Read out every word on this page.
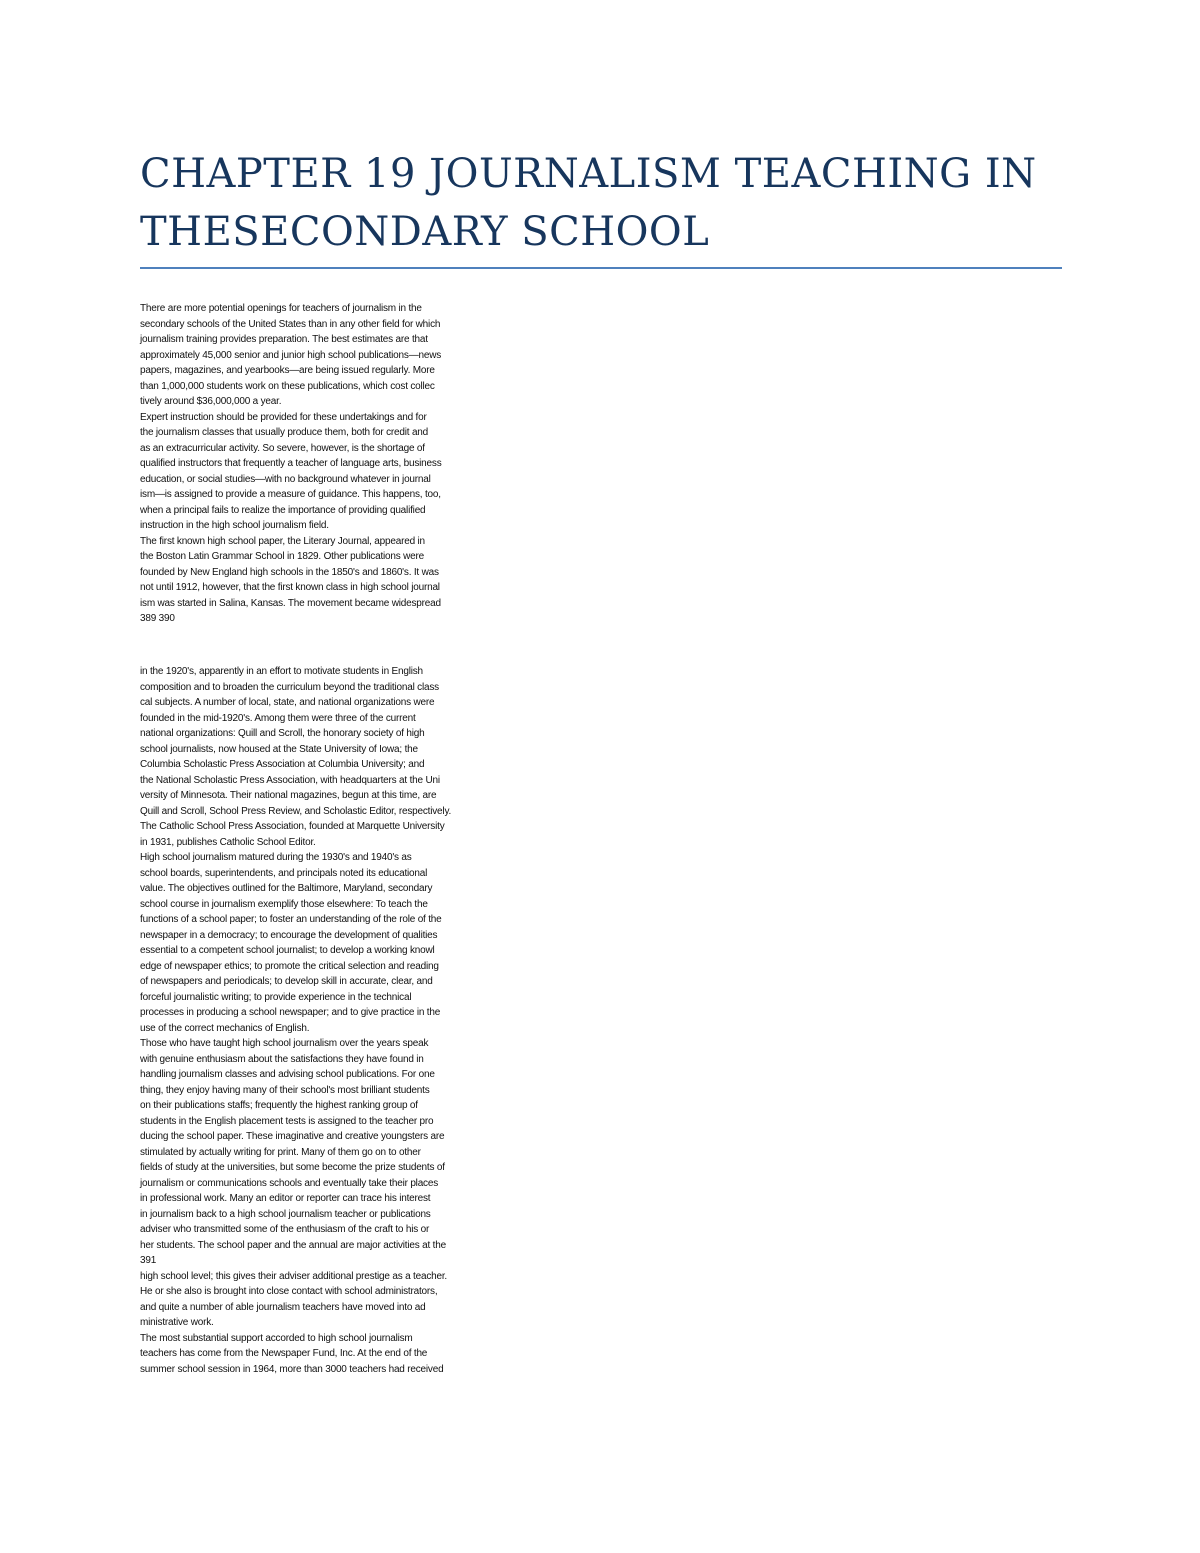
CHAPTER 19 JOURNALISM TEACHING IN THESECONDARY SCHOOL
There are more potential openings for teachers of journalism in the
secondary schools of the United States than in any other field for which
journalism training provides preparation. The best estimates are that
approximately 45,000 senior and junior high school publications—news
papers, magazines, and yearbooks—are being issued regularly. More
than 1,000,000 students work on these publications, which cost collec
tively around $36,000,000 a year.
Expert instruction should be provided for these undertakings and for
the journalism classes that usually produce them, both for credit and
as an extracurricular activity. So severe, however, is the shortage of
qualified instructors that frequently a teacher of language arts, business
education, or social studies—with no background whatever in journal
ism—is assigned to provide a measure of guidance. This happens, too,
when a principal fails to realize the importance of providing qualified
instruction in the high school journalism field.
The first known high school paper, the Literary Journal, appeared in
the Boston Latin Grammar School in 1829. Other publications were
founded by New England high schools in the 1850's and 1860's. It was
not until 1912, however, that the first known class in high school journal
ism was started in Salina, Kansas. The movement became widespread
389 390
in the 1920's, apparently in an effort to motivate students in English
composition and to broaden the curriculum beyond the traditional class
cal subjects. A number of local, state, and national organizations were
founded in the mid-1920's. Among them were three of the current
national organizations: Quill and Scroll, the honorary society of high
school journalists, now housed at the State University of Iowa; the
Columbia Scholastic Press Association at Columbia University; and
the National Scholastic Press Association, with headquarters at the Uni
versity of Minnesota. Their national magazines, begun at this time, are
Quill and Scroll, School Press Review, and Scholastic Editor, respectively.
The Catholic School Press Association, founded at Marquette University
in 1931, publishes Catholic School Editor.
High school journalism matured during the 1930's and 1940's as
school boards, superintendents, and principals noted its educational
value. The objectives outlined for the Baltimore, Maryland, secondary
school course in journalism exemplify those elsewhere: To teach the
functions of a school paper; to foster an understanding of the role of the
newspaper in a democracy; to encourage the development of qualities
essential to a competent school journalist; to develop a working knowl
edge of newspaper ethics; to promote the critical selection and reading
of newspapers and periodicals; to develop skill in accurate, clear, and
forceful journalistic writing; to provide experience in the technical
processes in producing a school newspaper; and to give practice in the
use of the correct mechanics of English.
Those who have taught high school journalism over the years speak
with genuine enthusiasm about the satisfactions they have found in
handling journalism classes and advising school publications. For one
thing, they enjoy having many of their school's most brilliant students
on their publications staffs; frequently the highest ranking group of
students in the English placement tests is assigned to the teacher pro
ducing the school paper. These imaginative and creative youngsters are
stimulated by actually writing for print. Many of them go on to other
fields of study at the universities, but some become the prize students of
journalism or communications schools and eventually take their places
in professional work. Many an editor or reporter can trace his interest
in journalism back to a high school journalism teacher or publications
adviser who transmitted some of the enthusiasm of the craft to his or
her students. The school paper and the annual are major activities at the
391
high school level; this gives their adviser additional prestige as a teacher.
He or she also is brought into close contact with school administrators,
and quite a number of able journalism teachers have moved into ad
ministrative work.
The most substantial support accorded to high school journalism
teachers has come from the Newspaper Fund, Inc. At the end of the
summer school session in 1964, more than 3000 teachers had received
